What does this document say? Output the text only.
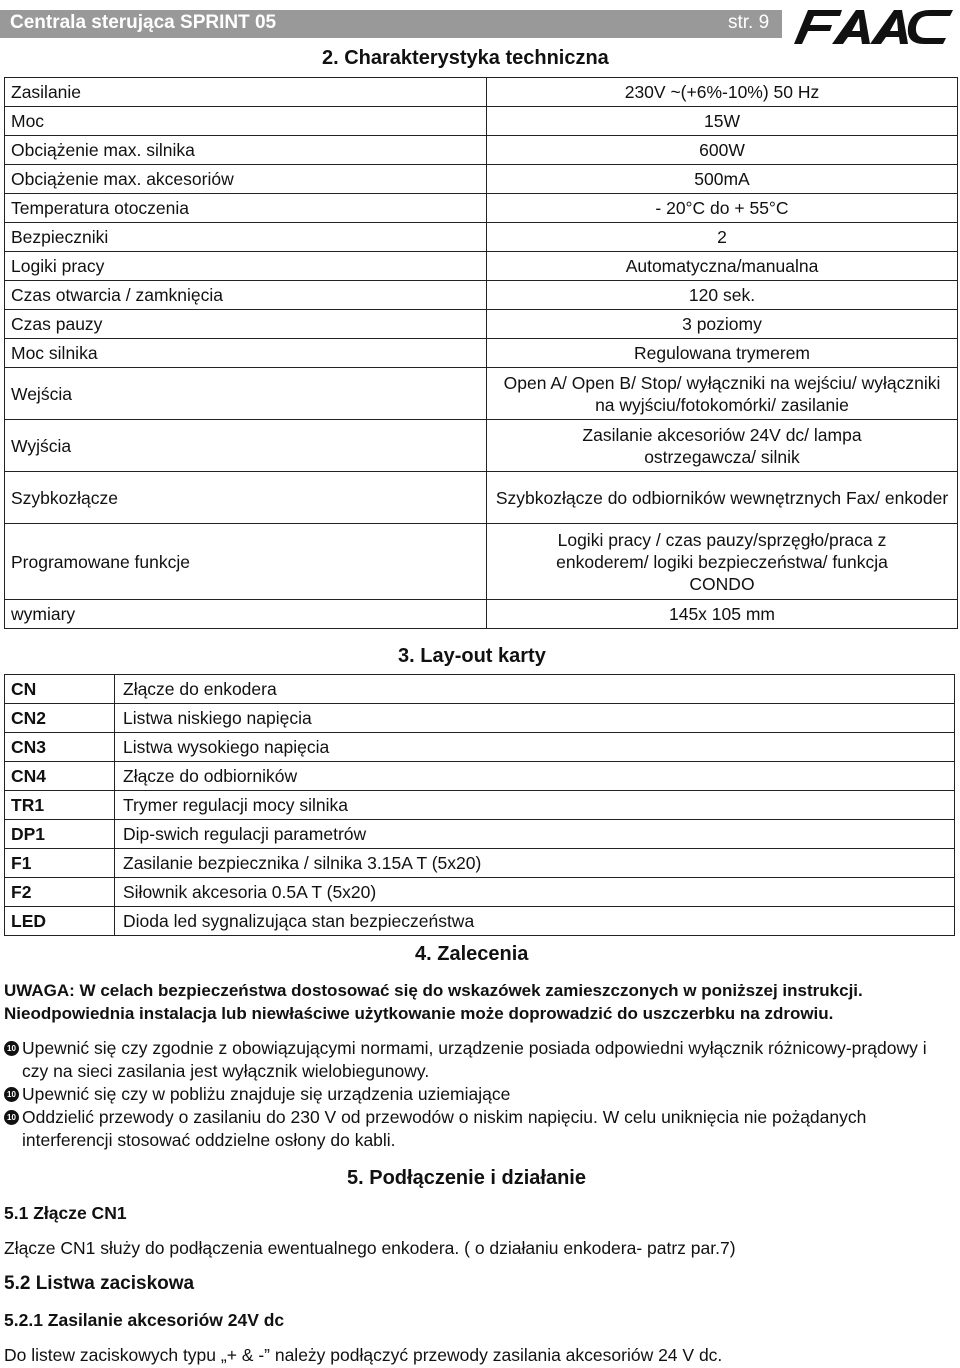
Centrala sterująca SPRINT 05	str. 9
2. Charakterystyka techniczna
Zasilanie	230V ~(+6%-10%) 50 Hz
Moc	15W
Obciążenie max. silnika	600W
Obciążenie max. akcesoriów	500mA
Temperatura otoczenia	- 20°C do + 55°C
Bezpieczniki	2
Logiki pracy	Automatyczna/manualna
Czas otwarcia / zamknięcia	120 sek.
Czas pauzy	3 poziomy
Moc silnika	Regulowana trymerem
Wejścia	Open A/ Open B/ Stop/ wyłączniki na wejściu/ wyłączniki na wyjściu/fotokomórki/ zasilanie
Wyjścia	Zasilanie akcesoriów 24V dc/ lampa ostrzegawcza/ silnik
Szybkozłącze	Szybkozłącze do odbiorników wewnętrznych Fax/ enkoder
Programowane funkcje	Logiki pracy / czas pauzy/sprzęgło/praca z enkoderem/ logiki bezpieczeństwa/ funkcja CONDO
wymiary	145x 105 mm
3. Lay-out karty
CN	Złącze do enkodera	
CN2	Listwa niskiego napięcia	
CN3	Listwa wysokiego napięcia	
CN4	Złącze do odbiorników	
TR1	Trymer regulacji mocy silnika	
DP1	Dip-swich regulacji parametrów	
F1	Zasilanie bezpiecznika / silnika 3.15A T (5x20)	
F2	Siłownik akcesoria 0.5A T (5x20)	
LED	Dioda led sygnalizująca stan bezpieczeństwa	
4. Zalecenia
UWAGA: W celach bezpieczeństwa dostosować się do wskazówek zamieszczonych w poniższej instrukcji.
Nieodpowiednia instalacja lub niewłaściwe użytkowanie może doprowadzić do uszczerbku na zdrowiu.
10 Upewnić się czy zgodnie z obowiązującymi normami, urządzenie posiada odpowiedni wyłącznik różnicowy-prądowy i czy na sieci zasilania jest wyłącznik wielobiegunowy.
10 Upewnić się czy w pobliżu znajduje się urządzenia uziemiające
10 Oddzielić przewody o zasilaniu do 230 V od przewodów o niskim napięciu. W celu uniknięcia nie pożądanych interferencji stosować oddzielne osłony do kabli.
5. Podłączenie i działanie
5.1 Złącze CN1
Złącze CN1 służy do podłączenia ewentualnego enkodera. ( o działaniu enkodera- patrz par.7)
5.2 Listwa zaciskowa
5.2.1 Zasilanie akcesoriów 24V dc
Do listew zaciskowych typu „+ & -” należy podłączyć przewody zasilania akcesoriów 24 V dc.
